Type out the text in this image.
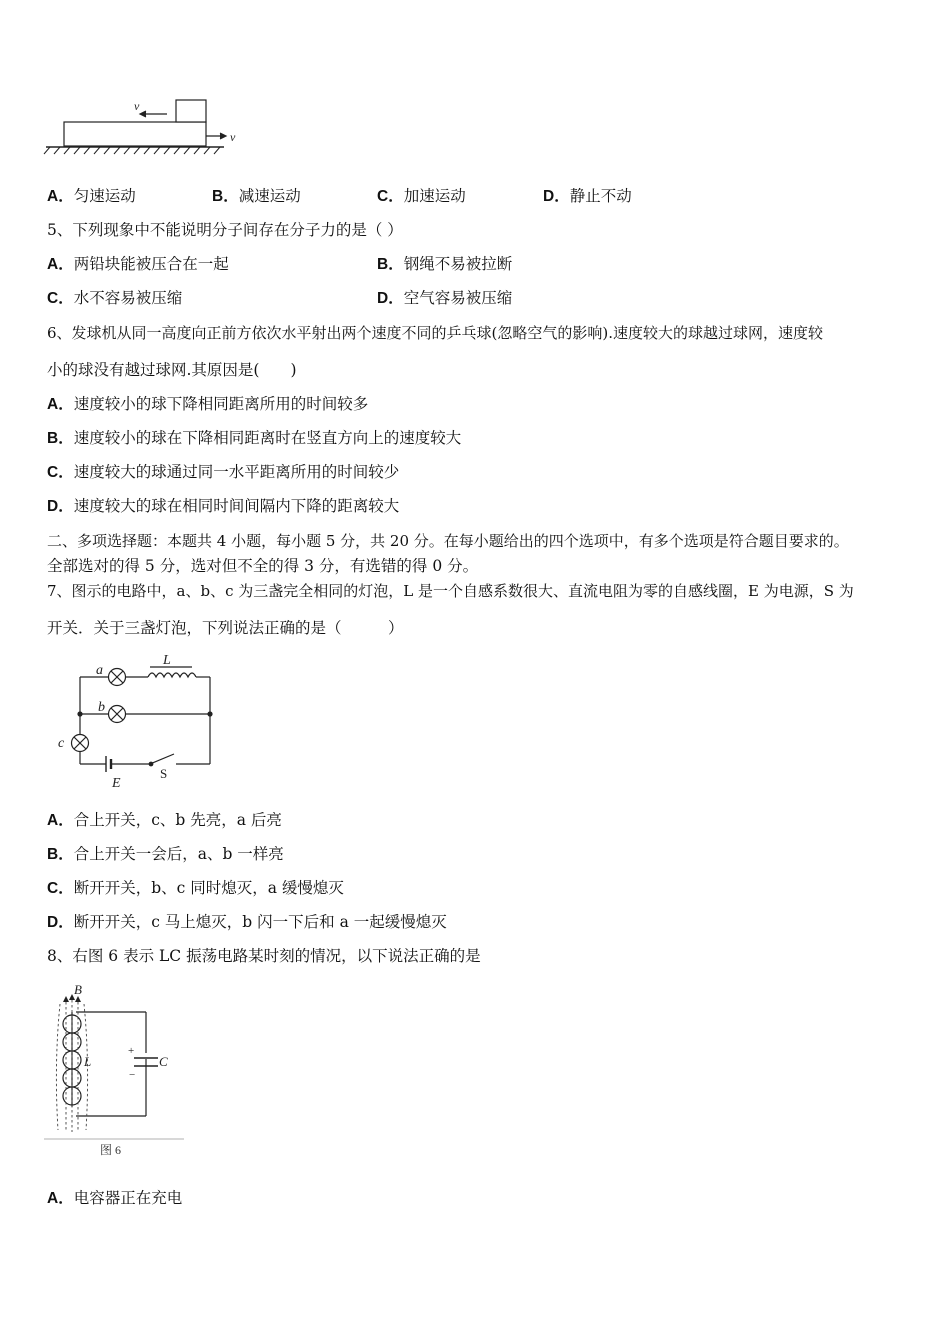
v
v
A．匀速运动	B．减速运动	C．加速运动	D．静止不动
5、下列现象中不能说明分子间存在分子力的是（ ）
A．两铅块能被压合在一起	B．钢绳不易被拉断
C．水不容易被压缩	D．空气容易被压缩
6、发球机从同一高度向正前方依次水平射出两个速度不同的乒乓球(忽略空气的影响).速度较大的球越过球网，速度较
小的球没有越过球网.其原因是(　　)
A．速度较小的球下降相同距离所用的时间较多
B．速度较小的球在下降相同距离时在竖直方向上的速度较大
C．速度较大的球通过同一水平距离所用的时间较少
D．速度较大的球在相同时间间隔内下降的距离较大
二、多项选择题：本题共 4 小题，每小题 5 分，共 20 分。在每小题给出的四个选项中，有多个选项是符合题目要求的。
全部选对的得 5 分，选对但不全的得 3 分，有选错的得 0 分。
7、图示的电路中，a、b、c 为三盏完全相同的灯泡，L 是一个自感系数很大、直流电阻为零的自感线圈，E 为电源，S 为
开关．关于三盏灯泡，下列说法正确的是（　　　）
a
L
b
c
E
S
A．合上开关，c、b 先亮，a 后亮
B．合上开关一会后，a、b 一样亮
C．断开开关，b、c 同时熄灭，a 缓慢熄灭
D．断开开关，c 马上熄灭，b 闪一下后和 a 一起缓慢熄灭
8、右图 6 表示 LC 振荡电路某时刻的情况，以下说法正确的是
B
L	C
+
−
图 6
A．电容器正在充电
